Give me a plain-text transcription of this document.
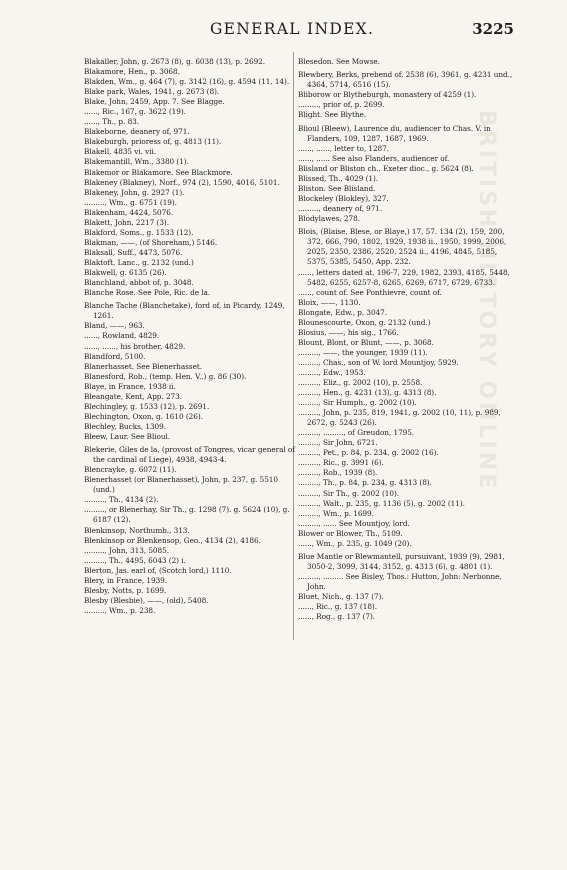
GENERAL INDEX.	3225
BRITISH HISTORY ONLINE

Blakaller, John, g. 2673 (8), g. 6038 (13), p. 2692.

Blakamore, Hen., p. 3068.

Blakden, Wm., g. 464 (7), g. 3142 (16), g. 4594 (11, 14).

Blake park, Wales, 1941, g. 2673 (8).

Blake, John, 2459, App. 7. See Blagge.

......, Ric., 167, g. 3622 (19).

......, Th., p. 83.

Blakeborne, deanery of, 971.

Blakeburgh, prioress of, g. 4813 (11).

Blakell, 4835 vi. vii.

Blakemantill, Wm., 3380 (1).

Blakemor or Blakamore. See Blackmore.

Blakeney (Blakney), Norf., 974 (2), 1590, 4016, 5101.

Blakeney, John, g. 2927 (1).

........., Wm., g. 6751 (19).

Blakenham, 4424, 5076.

Blakett, John, 2217 (3).

Blakford, Soms., g. 1533 (12).

Blakman, ——, (of Shoreham,) 5146.

Blaksall, Suff., 4473, 5076.

Blaktoft, Lanc., g. 2132 (und.)

Blakwell, g. 6135 (26).

Blanchland, abbot of, p. 3048.

Blanche Rose. See Pole, Ric. de la.

Blanche Tache (Blanchetake), ford of, in Picardy, 1249, 1261.

Bland, ——, 963.

......, Rowland, 4829.

......, ......, his brother, 4829.

Blandford, 5100.

Blanerhasset. See Blenerhasset.

Blanesford, Rob., (temp. Hen. V.,) g. 86 (30).

Blaye, in France, 1938 ii.

Bleangate, Kent, App. 273.

Blechingley, g. 1533 (12), p. 2691.

Blechington, Oxon, g. 1610 (26).

Blechley, Bucks, 1309.

Bleew, Laur. See Blioul.

Blekerie, Giles de la, (provost of Tongres, vicar general of the cardinal of Liege), 4938, 4943-4.

Blencrayke, g. 6072 (11).

Blenerhasset (or Blanerhasset), John, p. 237, g. 5510 (und.)

........., Th., 4134 (2).

........., or Blenerhay, Sir Th., g. 1298 (7). g. 5624 (10), g. 6187 (12).

Blenkinsop, Northumb., 313.

Blenkinsop or Blenkensop, Geo., 4134 (2), 4186.

........., John, 313, 5085.

........., Th., 4495, 6043 (2) i.

Blerton, Jas. earl of, (Scotch lord,) 1110.

Blery, in France, 1939.

Blesby, Notts, p. 1699.

Blesby (Blesbie), ——, (old), 5408.

........., Wm., p. 238.

Blesedon. See Mowse.

Blewbery, Berks, prebend of, 2538 (6), 3961, g. 4231 und., 4364, 5714, 6516 (15).

Bliborow or Blytheburgh, monastery of 4259 (1).

........., prior of, p. 2699.

Blight. See Blythe.

Blioul (Bleew), Laurence du, audiencer to Chas. V. in Flanders, 109, 1287, 1687, 1969.

......, ......, letter to, 1287.

......, ...... See also Flanders, audiencer of.

Blisland or Bliston ch., Exeter dioc., g. 5624 (8).

Blissed, Th., 4029 (1).

Bliston. See Blisland.

Blockeley (Blokley), 327.

........., deanery of, 971.

Blodylawes, 278.

Blois, (Blaise, Blese, or Blaye,) 17, 57. 134 (2), 159, 200, 372, 666, 790, 1802, 1929, 1938 ii., 1950, 1999, 2006, 2025, 2350, 2386, 2520, 2524 ii., 4196, 4845, 5185, 5375, 5385, 5450, App. 232.

......, letters dated at, 196-7, 229, 1982, 2393, 4185, 5448, 5482, 6255, 6257-8, 6265, 6269, 6717, 6729, 6733.

......, count of. See Ponthievre, count of.

Bloix, ——, 1130.

Blongate, Edw., p. 3047.

Blounescourte, Oxon, g. 2132 (und.)

Blosius, ——, his sig., 1766.

Blount, Blont, or Blunt, ——, p. 3068.

........., ——, the younger, 1939 (11).

........., Chas., son of W. lord Mountjoy, 5929.

........., Edw., 1953.

........., Eliz., g. 2002 (10), p. 2558.

........., Hen., g. 4231 (13), g. 4313 (8).

........., Sir Humph., g. 2002 (10).

........., John, p. 235, 819, 1941, g. 2002 (10, 11), p. 989, 2672, g. 5243 (26).

........., ........., of Greudon, 1795.

........., Sir John, 6721.

........., Pet., p. 84, p. 234, g. 2002 (16).

........., Ric., g. 3991 (6).

........., Rob., 1939 (8).

........., Th., p. 84, p. 234, g. 4313 (8).

........., Sir Th., g. 2002 (10).

........., Walt., p. 235, g. 1136 (5), g. 2002 (11).

........., Wm., p. 1699.

........., ...... See Mountjoy, lord.

Blower or Blower, Th., 5109.

......, Wm., p. 235, g. 1049 (20).

Blue Mantle or Blewmantell, pursuivant, 1939 (9), 2981, 3050-2, 3099, 3144, 3152, g. 4313 (6), g. 4801 (1).

........., ......... See Bisley, Thos.: Hutton, John: Nerbonne, John.

Bluet, Nich., g. 137 (7).

......, Ric., g. 137 (18).

......, Rog., g. 137 (7).
